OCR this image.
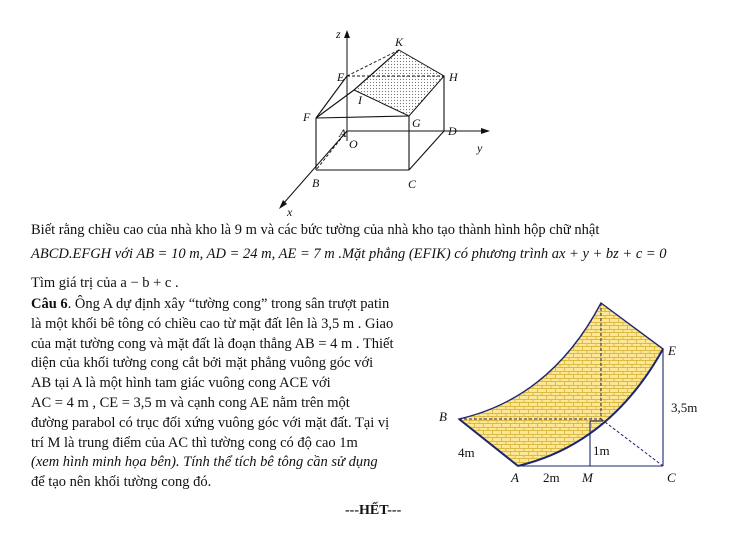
z
K
E	H
I
F	G
A
O
D
y
B	C
x
Biết rằng chiều cao của nhà kho là 9 m và các bức tường của nhà kho tạo thành hình hộp chữ nhật
ABCD.EFGH với AB = 10 m, AD = 24 m, AE = 7 m .Mặt phẳng (EFIK) có phương trình ax + y + bz + c = 0
Tìm giá trị của a − b + c .
Câu 6. Ông A dự định xây “tường cong” trong sân trượt patin
là một khối bê tông có chiều cao từ mặt đất lên là 3,5 m . Giao
của mặt tường cong và mặt đất là đoạn thẳng AB = 4 m . Thiết
diện của khối tường cong cắt bởi mặt phẳng vuông góc với
AB tại A là một hình tam giác vuông cong ACE với
AC = 4 m , CE = 3,5 m và cạnh cong AE nằm trên một
đường parabol có trục đối xứng vuông góc với mặt đất. Tại vị
trí M là trung điểm của AC thì tường cong có độ cao 1m
(xem hình minh họa bên). Tính thể tích bê tông cần sử dụng
để tạo nên khối tường cong đó.
E
B
3,5m
4m	1m
A 2m M	C
---HẾT---
